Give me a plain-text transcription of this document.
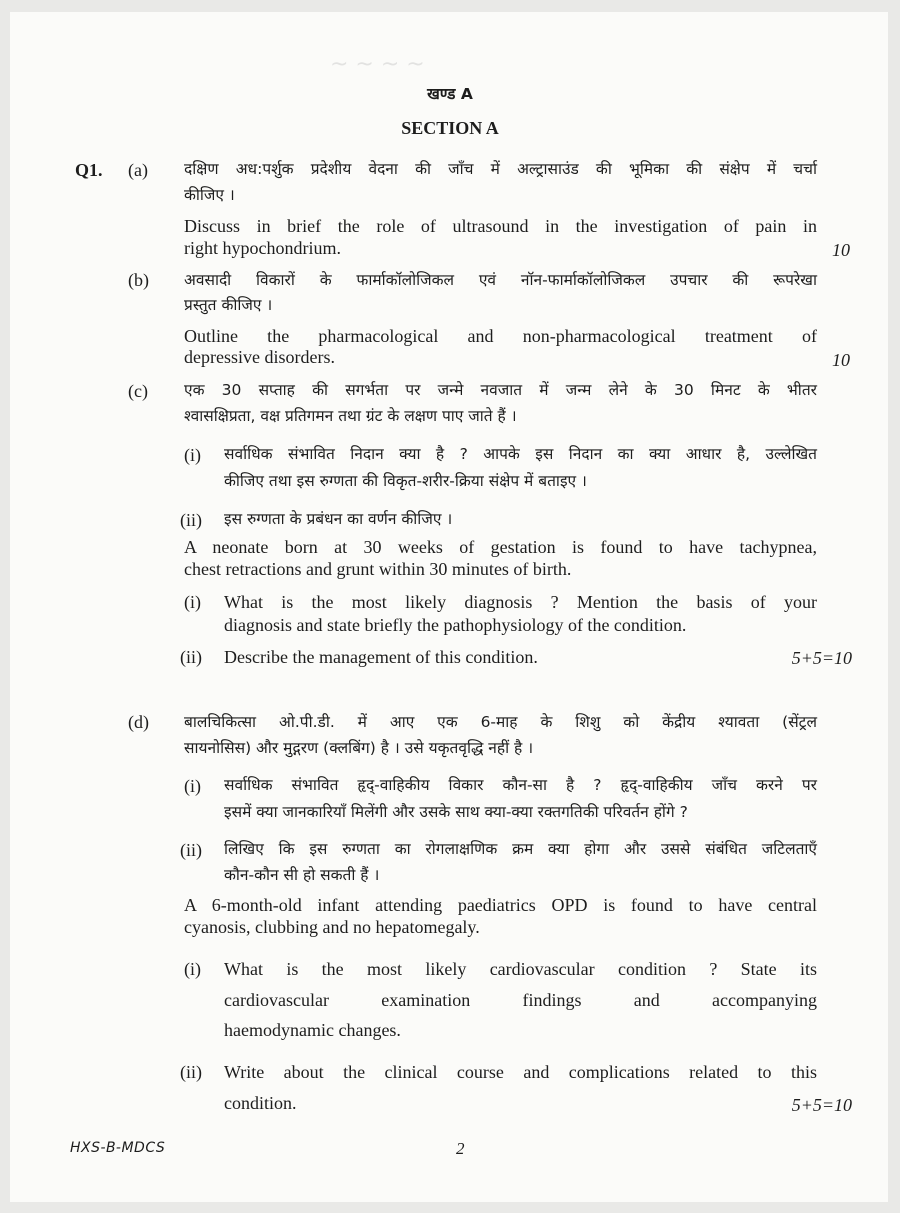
~ ~ ~ ~
खण्ड A
SECTION A
Q1. (a) दक्षिण अध:पर्शुक प्रदेशीय वेदना की जाँच में अल्ट्रासाउंड की भूमिका की संक्षेप में चर्चा
कीजिए ।
Discuss in brief the role of ultrasound in the investigation of pain in
right hypochondrium.	10
(b) अवसादी विकारों के फार्माकॉलोजिकल एवं नॉन-फार्माकॉलोजिकल उपचार की रूपरेखा
प्रस्तुत कीजिए ।
Outline the pharmacological and non-pharmacological treatment of
depressive disorders.	10
(c) एक 30 सप्ताह की सगर्भता पर जन्मे नवजात में जन्म लेने के 30 मिनट के भीतर
श्वासक्षिप्रता, वक्ष प्रतिगमन तथा ग्रंट के लक्षण पाए जाते हैं ।
(i) सर्वाधिक संभावित निदान क्या है ? आपके इस निदान का क्या आधार है, उल्लेखित
कीजिए तथा इस रुग्णता की विकृत-शरीर-क्रिया संक्षेप में बताइए ।
(ii) इस रुग्णता के प्रबंधन का वर्णन कीजिए ।
A neonate born at 30 weeks of gestation is found to have tachypnea,
chest retractions and grunt within 30 minutes of birth.
(i) What is the most likely diagnosis ? Mention the basis of your
diagnosis and state briefly the pathophysiology of the condition.
(ii) Describe the management of this condition.	5+5=10
(d) बालचिकित्सा ओ.पी.डी. में आए एक 6-माह के शिशु को केंद्रीय श्यावता (सेंट्रल
सायनोसिस) और मुद्गरण (क्लबिंग) है । उसे यकृतवृद्धि नहीं है ।
(i) सर्वाधिक संभावित हृद्-वाहिकीय विकार कौन-सा है ? हृद्-वाहिकीय जाँच करने पर
इसमें क्या जानकारियाँ मिलेंगी और उसके साथ क्या-क्या रक्तगतिकी परिवर्तन होंगे ?
(ii) लिखिए कि इस रुग्णता का रोगलाक्षणिक क्रम क्या होगा और उससे संबंधित जटिलताएँ
कौन-कौन सी हो सकती हैं ।
A 6-month-old infant attending paediatrics OPD is found to have central
cyanosis, clubbing and no hepatomegaly.
(i) What is the most likely cardiovascular condition ? State its
cardiovascular examination findings and accompanying
haemodynamic changes.
(ii) Write about the clinical course and complications related to this
condition.	5+5=10
HXS-B-MDCS	2
